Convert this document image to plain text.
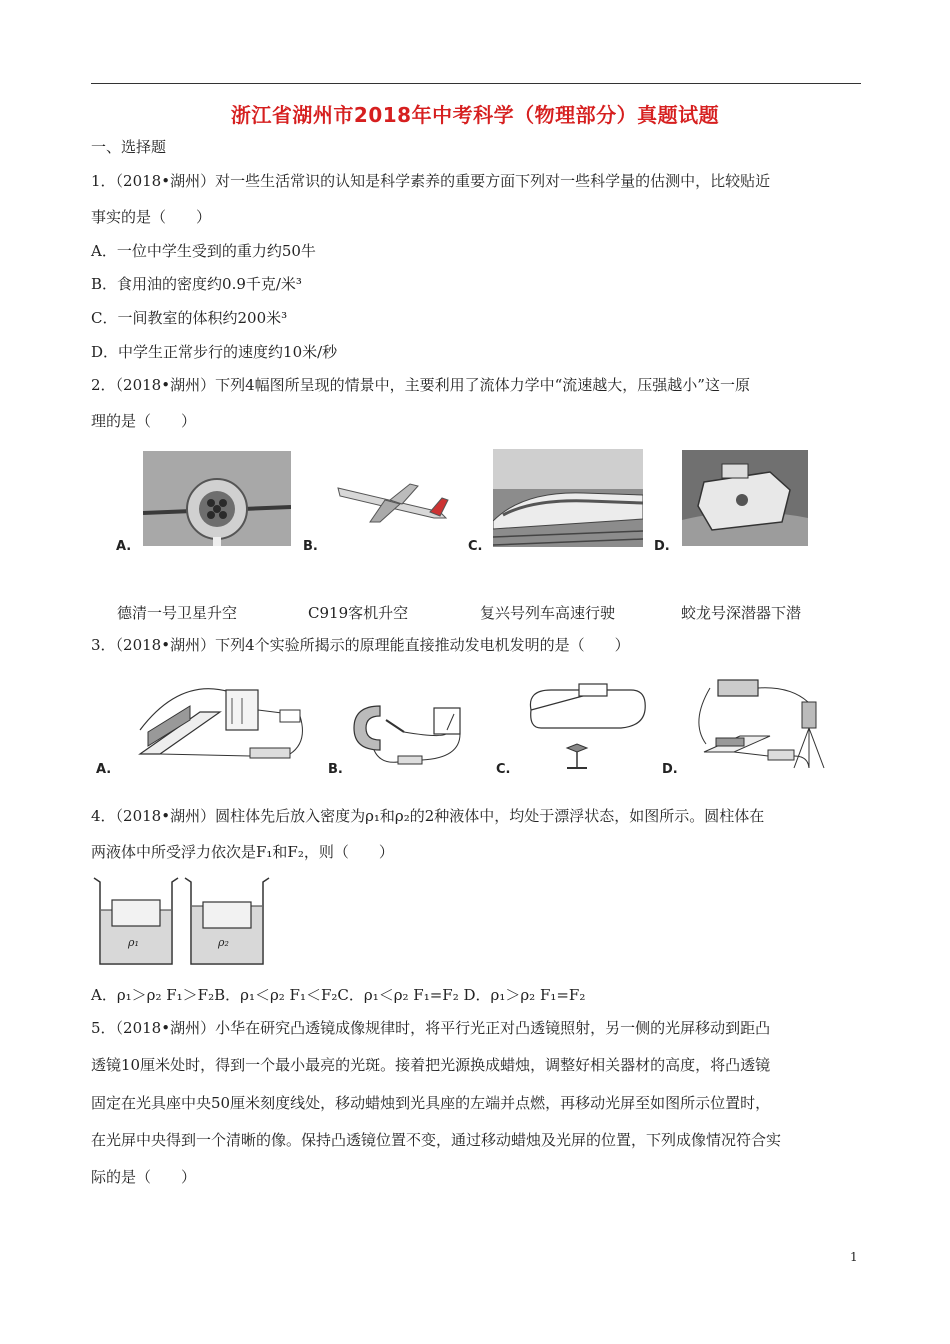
浙江省湖州市2018年中考科学（物理部分）真题试题
一、选择题
1．（2018•湖州）对一些生活常识的认知是科学素养的重要方面下列对一些科学量的估测中，比较贴近
事实的是（　　）
A．一位中学生受到的重力约50牛
B．食用油的密度约0.9千克/米³
C．一间教室的体积约200米³
D．中学生正常步行的速度约10米/秒
2．（2018•湖州）下列4幅图所呈现的情景中，主要利用了流体力学中“流速越大，压强越小”这一原
理的是（　　）
A.	B.	C.	D.
德清一号卫星升空	C919客机升空	复兴号列车高速行驶	蛟龙号深潜器下潜
3．（2018•湖州）下列4个实验所揭示的原理能直接推动发电机发明的是（　　）
A.	B.	C.	D.
4．（2018•湖州）圆柱体先后放入密度为ρ₁和ρ₂的2种液体中，均处于漂浮状态，如图所示。圆柱体在
两液体中所受浮力依次是F₁和F₂，则（　　）
ρ₁	ρ₂
A．ρ₁＞ρ₂ F₁＞F₂B．ρ₁＜ρ₂ F₁＜F₂C．ρ₁＜ρ₂ F₁=F₂ D．ρ₁＞ρ₂ F₁=F₂
5．（2018•湖州）小华在研究凸透镜成像规律时，将平行光正对凸透镜照射，另一侧的光屏移动到距凸
透镜10厘米处时，得到一个最小最亮的光斑。接着把光源换成蜡烛，调整好相关器材的高度，将凸透镜
固定在光具座中央50厘米刻度线处，移动蜡烛到光具座的左端并点燃，再移动光屏至如图所示位置时，
在光屏中央得到一个清晰的像。保持凸透镜位置不变，通过移动蜡烛及光屏的位置，下列成像情况符合实
际的是（　　）
1
